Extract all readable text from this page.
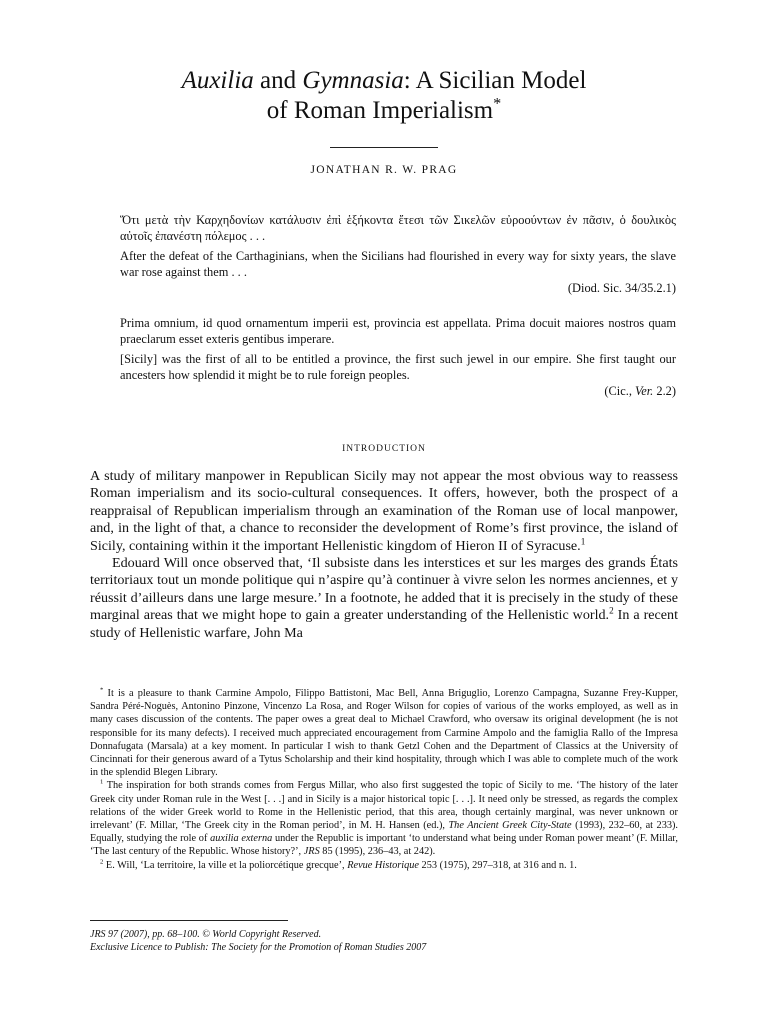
Auxilia and Gymnasia: A Sicilian Model
of Roman Imperialism*
JONATHAN R. W. PRAG

Ὅτι μετὰ τὴν Καρχηδονίων κατάλυσιν ἐπὶ ἑξήκοντα ἔτεσι τῶν Σικελῶν εὐροούντων ἐν πᾶσιν, ὁ δουλικὸς αὐτοῖς ἐπανέστη πόλεμος . . .

After the defeat of the Carthaginians, when the Sicilians had flourished in every way for sixty years, the slave war rose against them . . .

(Diod. Sic. 34/35.2.1)

Prima omnium, id quod ornamentum imperii est, provincia est appellata. Prima docuit maiores nostros quam praeclarum esset exteris gentibus imperare.

[Sicily] was the first of all to be entitled a province, the first such jewel in our empire. She first taught our ancesters how splendid it might be to rule foreign peoples.

(Cic., Ver. 2.2)

INTRODUCTION

A study of military manpower in Republican Sicily may not appear the most obvious way to reassess Roman imperialism and its socio-cultural consequences. It offers, however, both the prospect of a reappraisal of Republican imperialism through an examination of the Roman use of local manpower, and, in the light of that, a chance to reconsider the development of Rome’s first province, the island of Sicily, containing within it the important Hellenistic kingdom of Hieron II of Syracuse.$^1$

Edouard Will once observed that, ‘Il subsiste dans les interstices et sur les marges des grands États territoriaux tout un monde politique qui n’aspire qu’à continuer à vivre selon les normes anciennes, et y réussit d’ailleurs dans une large mesure.’ In a footnote, he added that it is precisely in the study of these marginal areas that we might hope to gain a greater understanding of the Hellenistic world.$^2$ In a recent study of Hellenistic warfare, John Ma

* It is a pleasure to thank Carmine Ampolo, Filippo Battistoni, Mac Bell, Anna Briguglio, Lorenzo Campagna, Suzanne Frey-Kupper, Sandra Péré-Noguès, Antonino Pinzone, Vincenzo La Rosa, and Roger Wilson for copies of various of the works employed, as well as in many cases discussion of the contents. The paper owes a great deal to Michael Crawford, who oversaw its original development (he is not responsible for its many defects). I received much appreciated encouragement from Carmine Ampolo and the famiglia Rallo of the Impresa Donnafugata (Marsala) at a key moment. In particular I wish to thank Getzl Cohen and the Department of Classics at the University of Cincinnati for their generous award of a Tytus Scholarship and their kind hospitality, through which I was able to complete much of the work in the splendid Blegen Library.

$^1$ The inspiration for both strands comes from Fergus Millar, who also first suggested the topic of Sicily to me. ‘The history of the later Greek city under Roman rule in the West [. . .] and in Sicily is a major historical topic [. . .]. It need only be stressed, as regards the complex relations of the wider Greek world to Rome in the Hellenistic period, that this area, though certainly marginal, was never unknown or irrelevant’ (F. Millar, ‘The Greek city in the Roman period’, in M. H. Hansen (ed.), The Ancient Greek City-State (1993), 232–60, at 233). Equally, studying the role of auxilia externa under the Republic is important ‘to understand what being under Roman power meant’ (F. Millar, ‘The last century of the Republic. Whose history?’, JRS 85 (1995), 236–43, at 242).

$^2$ E. Will, ‘La territoire, la ville et la poliorcétique grecque’, Revue Historique 253 (1975), 297–318, at 316 and n. 1.

JRS 97 (2007), pp. 68–100. © World Copyright Reserved.
Exclusive Licence to Publish: The Society for the Promotion of Roman Studies 2007
